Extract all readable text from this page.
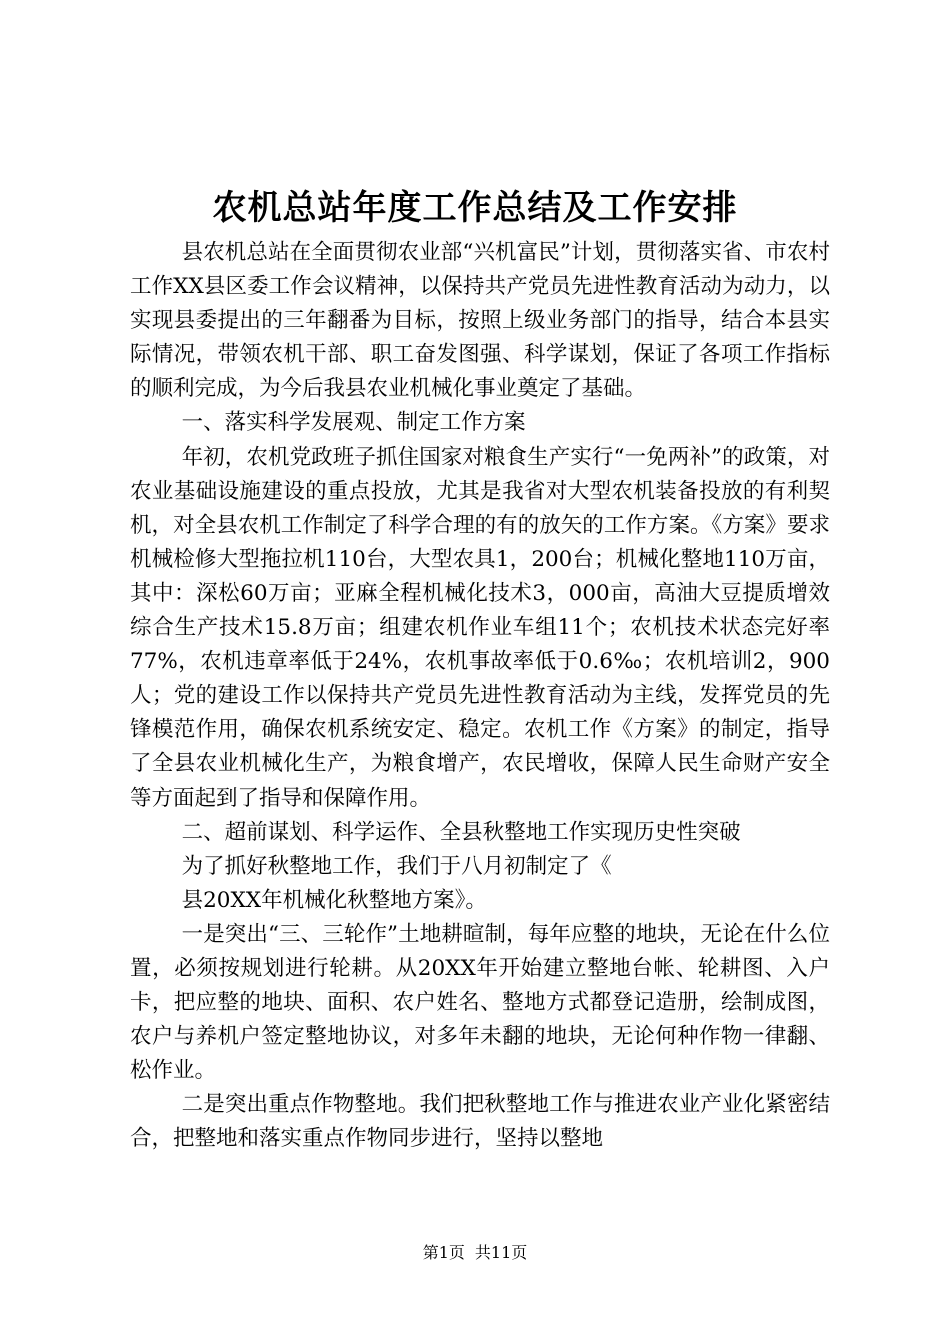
农机总站年度工作总结及工作安排

县农机总站在全面贯彻农业部“兴机富民”计划，贯彻落实省、市农村工作XX县区委工作会议精神，以保持共产党员先进性教育活动为动力，以实现县委提出的三年翻番为目标，按照上级业务部门的指导，结合本县实际情况，带领农机干部、职工奋发图强、科学谋划，保证了各项工作指标的顺利完成，为今后我县农业机械化事业奠定了基础。

一、落实科学发展观、制定工作方案

年初，农机党政班子抓住国家对粮食生产实行“一免两补”的政策，对农业基础设施建设的重点投放，尤其是我省对大型农机装备投放的有利契机，对全县农机工作制定了科学合理的有的放矢的工作方案。《方案》要求机械检修大型拖拉机110台，大型农具1，200台；机械化整地110万亩，其中：深松60万亩；亚麻全程机械化技术3，000亩，高油大豆提质增效综合生产技术15.8万亩；组建农机作业车组11个；农机技术状态完好率77%，农机违章率低于24%，农机事故率低于0.6‰；农机培训2，900人；党的建设工作以保持共产党员先进性教育活动为主线，发挥党员的先锋模范作用，确保农机系统安定、稳定。农机工作《方案》的制定，指导了全县农业机械化生产，为粮食增产，农民增收，保障人民生命财产安全等方面起到了指导和保障作用。

二、超前谋划、科学运作、全县秋整地工作实现历史性突破

为了抓好秋整地工作，我们于八月初制定了《

县20XX年机械化秋整地方案》。

一是突出“三、三轮作”土地耕暄制，每年应整的地块，无论在什么位置，必须按规划进行轮耕。从20XX年开始建立整地台帐、轮耕图、入户卡，把应整的地块、面积、农户姓名、整地方式都登记造册，绘制成图，农户与养机户签定整地协议，对多年未翻的地块，无论何种作物一律翻、松作业。

二是突出重点作物整地。我们把秋整地工作与推进农业产业化紧密结合，把整地和落实重点作物同步进行，坚持以整地

第1页 共11页
